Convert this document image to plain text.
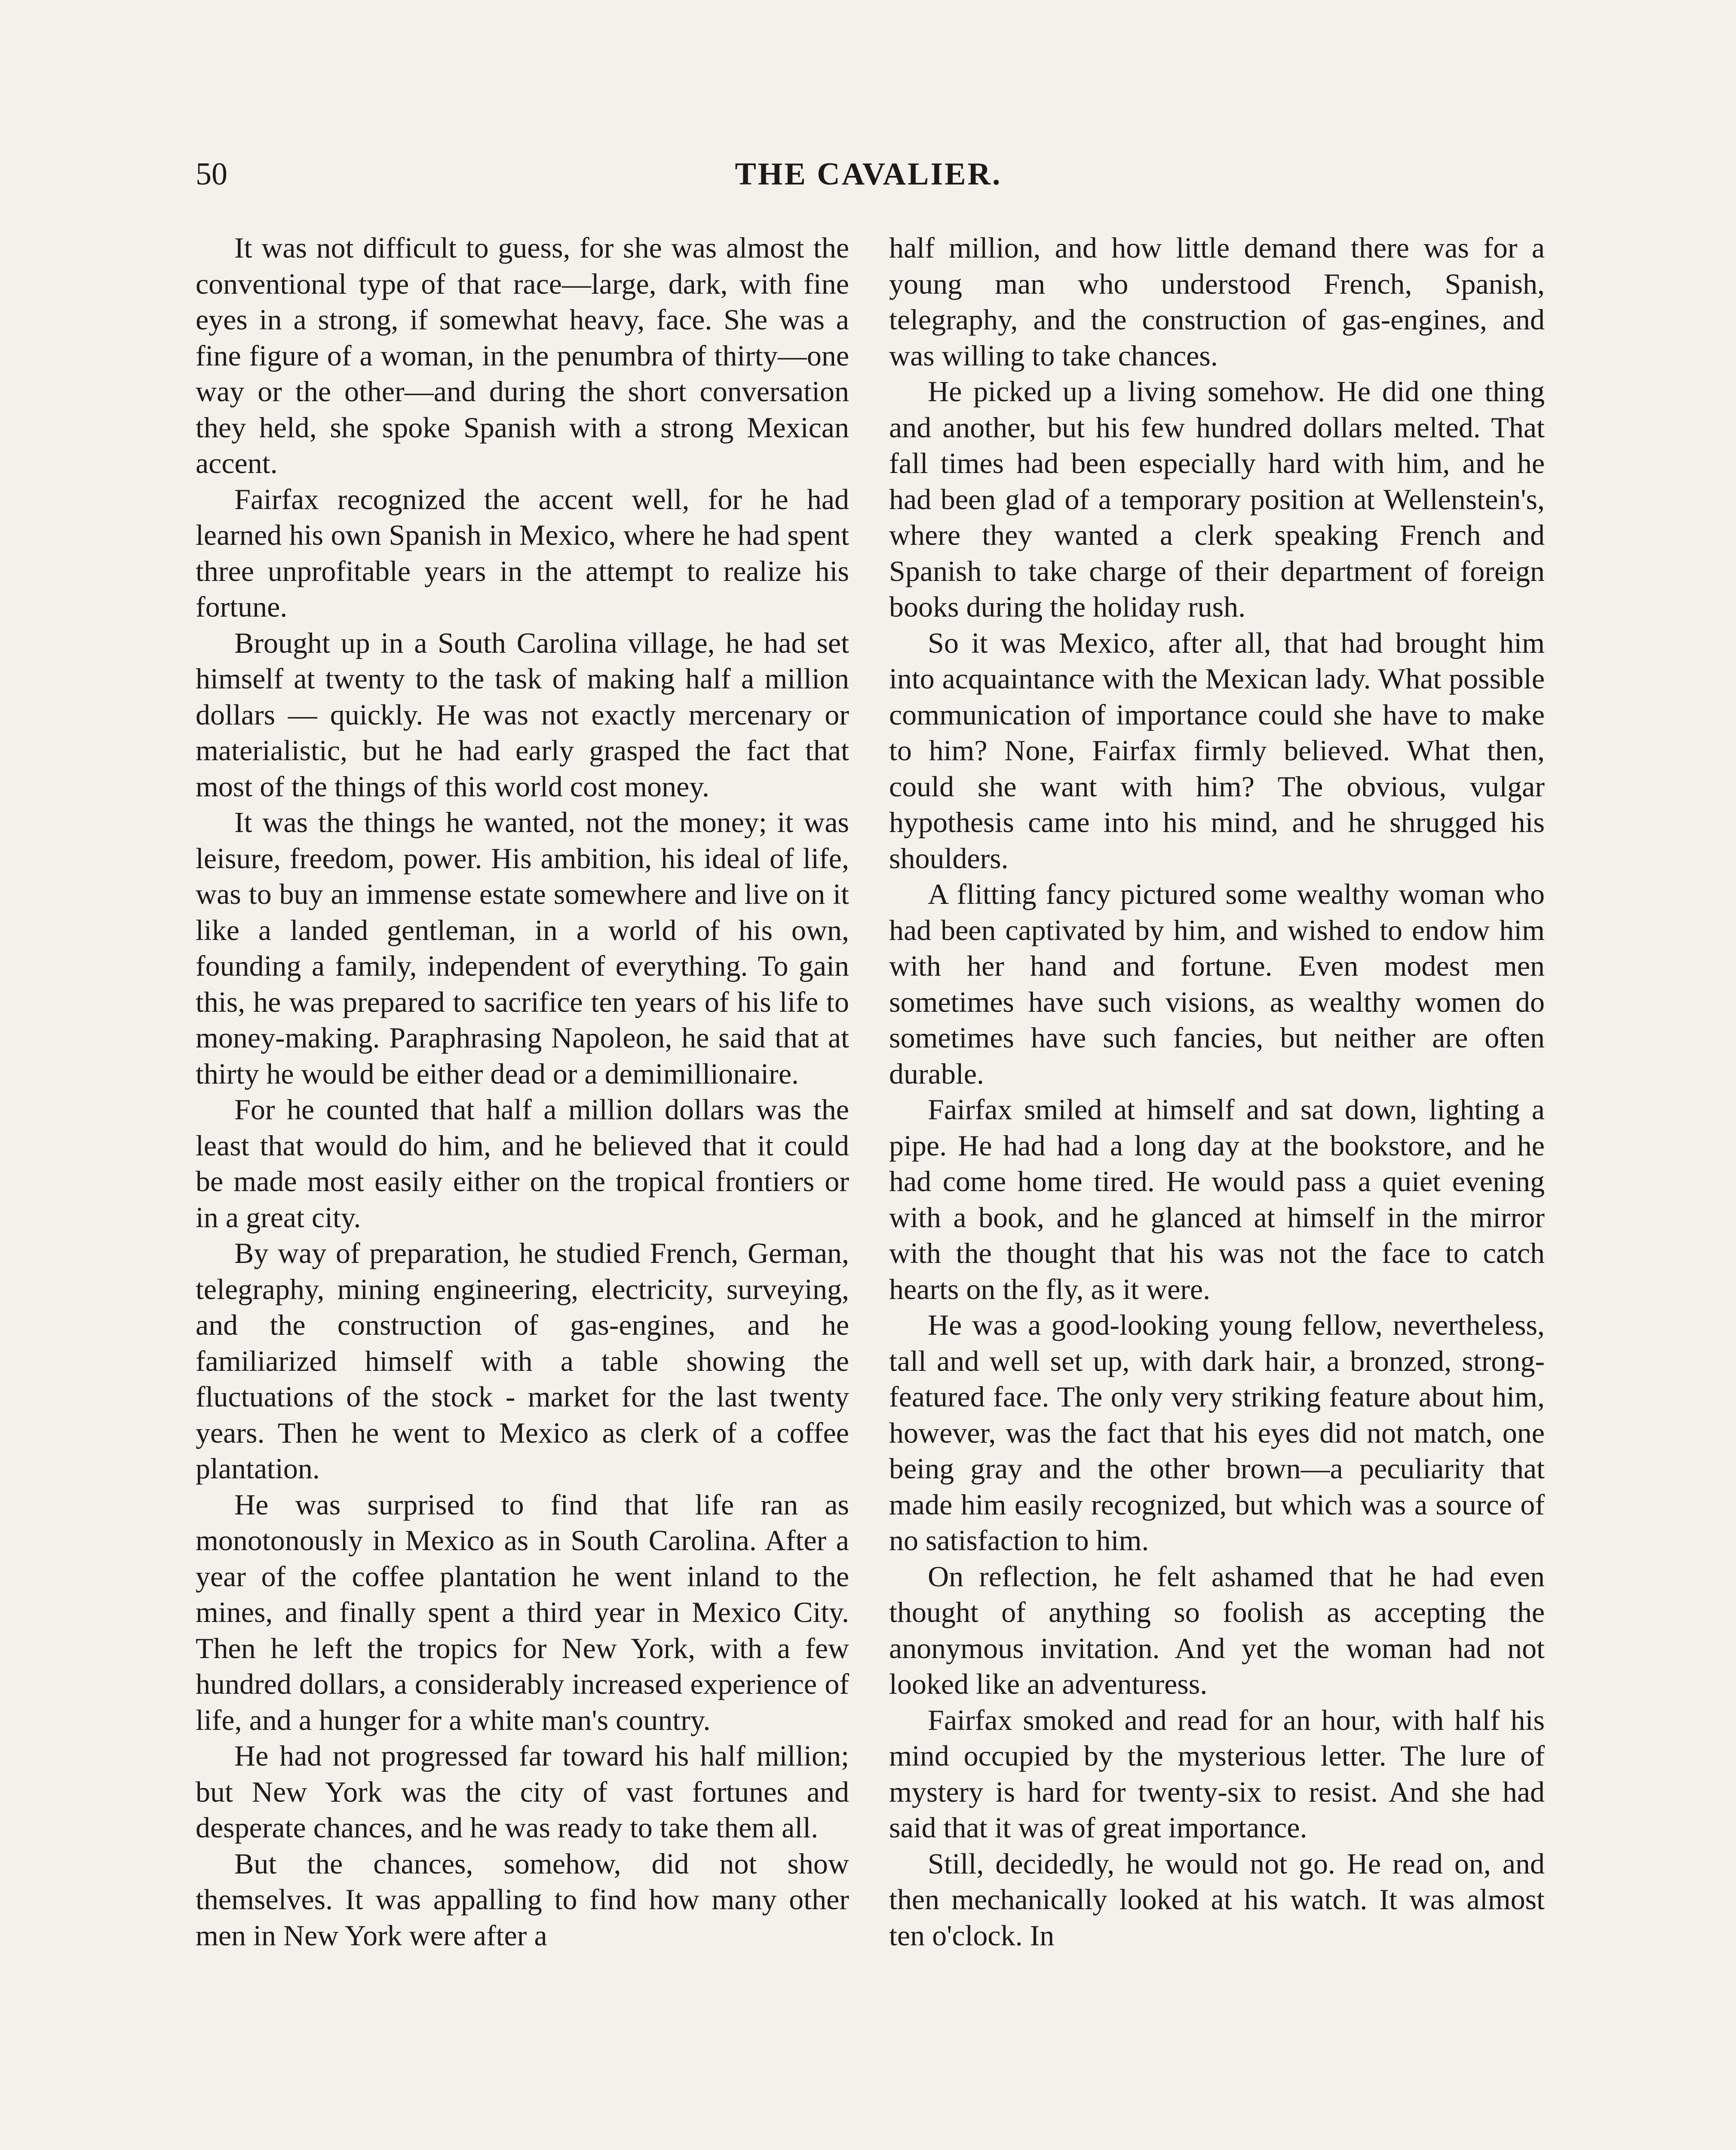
50	THE CAVALIER.

It was not difficult to guess, for she was almost the conventional type of that race—large, dark, with fine eyes in a strong, if somewhat heavy, face. She was a fine figure of a woman, in the penumbra of thirty—one way or the other—and during the short conversation they held, she spoke Spanish with a strong Mexican accent.

Fairfax recognized the accent well, for he had learned his own Spanish in Mexico, where he had spent three unprofitable years in the attempt to realize his fortune.

Brought up in a South Carolina village, he had set himself at twenty to the task of making half a million dollars — quickly. He was not exactly mercenary or materialistic, but he had early grasped the fact that most of the things of this world cost money.

It was the things he wanted, not the money; it was leisure, freedom, power. His ambition, his ideal of life, was to buy an immense estate somewhere and live on it like a landed gentleman, in a world of his own, founding a family, independent of everything. To gain this, he was prepared to sacrifice ten years of his life to money-making. Paraphrasing Napoleon, he said that at thirty he would be either dead or a demimillionaire.

For he counted that half a million dollars was the least that would do him, and he believed that it could be made most easily either on the tropical frontiers or in a great city.

By way of preparation, he studied French, German, telegraphy, mining engineering, electricity, surveying, and the construction of gas-engines, and he familiarized himself with a table showing the fluctuations of the stock - market for the last twenty years. Then he went to Mexico as clerk of a coffee plantation.

He was surprised to find that life ran as monotonously in Mexico as in South Carolina. After a year of the coffee plantation he went inland to the mines, and finally spent a third year in Mexico City. Then he left the tropics for New York, with a few hundred dollars, a considerably increased experience of life, and a hunger for a white man's country.

He had not progressed far toward his half million; but New York was the city of vast fortunes and desperate chances, and he was ready to take them all.

But the chances, somehow, did not show themselves. It was appalling to find how many other men in New York were after a

half million, and how little demand there was for a young man who understood French, Spanish, telegraphy, and the construction of gas-engines, and was willing to take chances.

He picked up a living somehow. He did one thing and another, but his few hundred dollars melted. That fall times had been especially hard with him, and he had been glad of a temporary position at Wellenstein's, where they wanted a clerk speaking French and Spanish to take charge of their department of foreign books during the holiday rush.

So it was Mexico, after all, that had brought him into acquaintance with the Mexican lady. What possible communication of importance could she have to make to him? None, Fairfax firmly believed. What then, could she want with him? The obvious, vulgar hypothesis came into his mind, and he shrugged his shoulders.

A flitting fancy pictured some wealthy woman who had been captivated by him, and wished to endow him with her hand and fortune. Even modest men sometimes have such visions, as wealthy women do sometimes have such fancies, but neither are often durable.

Fairfax smiled at himself and sat down, lighting a pipe. He had had a long day at the bookstore, and he had come home tired. He would pass a quiet evening with a book, and he glanced at himself in the mirror with the thought that his was not the face to catch hearts on the fly, as it were.

He was a good-looking young fellow, nevertheless, tall and well set up, with dark hair, a bronzed, strong-featured face. The only very striking feature about him, however, was the fact that his eyes did not match, one being gray and the other brown—a peculiarity that made him easily recognized, but which was a source of no satisfaction to him.

On reflection, he felt ashamed that he had even thought of anything so foolish as accepting the anonymous invitation. And yet the woman had not looked like an adventuress.

Fairfax smoked and read for an hour, with half his mind occupied by the mysterious letter. The lure of mystery is hard for twenty-six to resist. And she had said that it was of great importance.

Still, decidedly, he would not go. He read on, and then mechanically looked at his watch. It was almost ten o'clock. In
